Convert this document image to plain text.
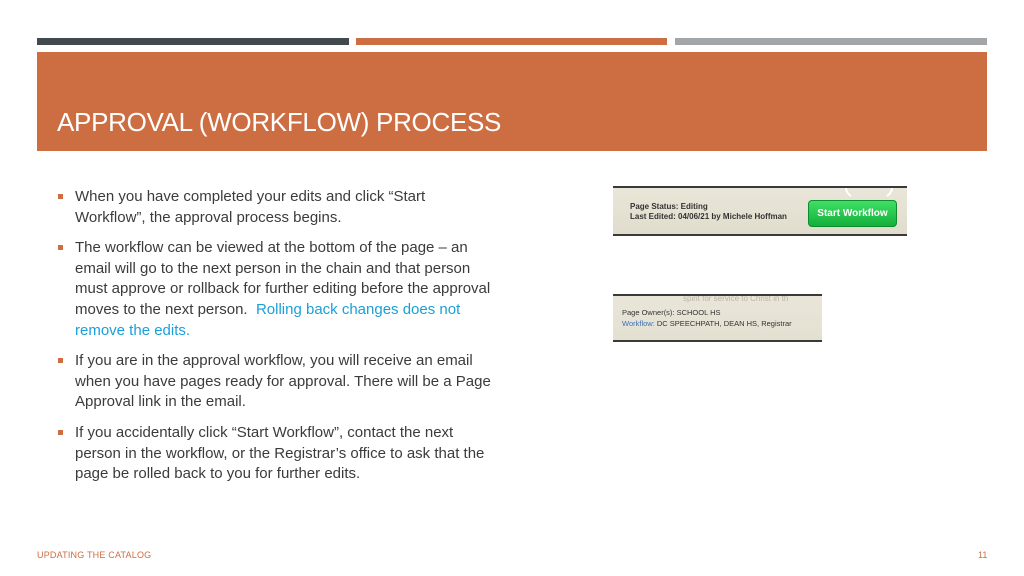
APPROVAL (WORKFLOW) PROCESS
When you have completed your edits and click “Start Workflow”, the approval process begins.
The workflow can be viewed at the bottom of the page – an email will go to the next person in the chain and that person must approve or rollback for further editing before the approval moves to the next person. Rolling back changes does not remove the edits.
If you are in the approval workflow, you will receive an email when you have pages ready for approval. There will be a Page Approval link in the email.
If you accidentally click “Start Workflow”, contact the next person in the workflow, or the Registrar’s office to ask that the page be rolled back to you for further edits.
Page Status: Editing
Last Edited: 04/06/21 by Michele Hoffman	Start Workflow
spirit for service to Christ in th
Page Owner(s): SCHOOL HS
Workflow: DC SPEECHPATH, DEAN HS, Registrar
UPDATING THE CATALOG	11
